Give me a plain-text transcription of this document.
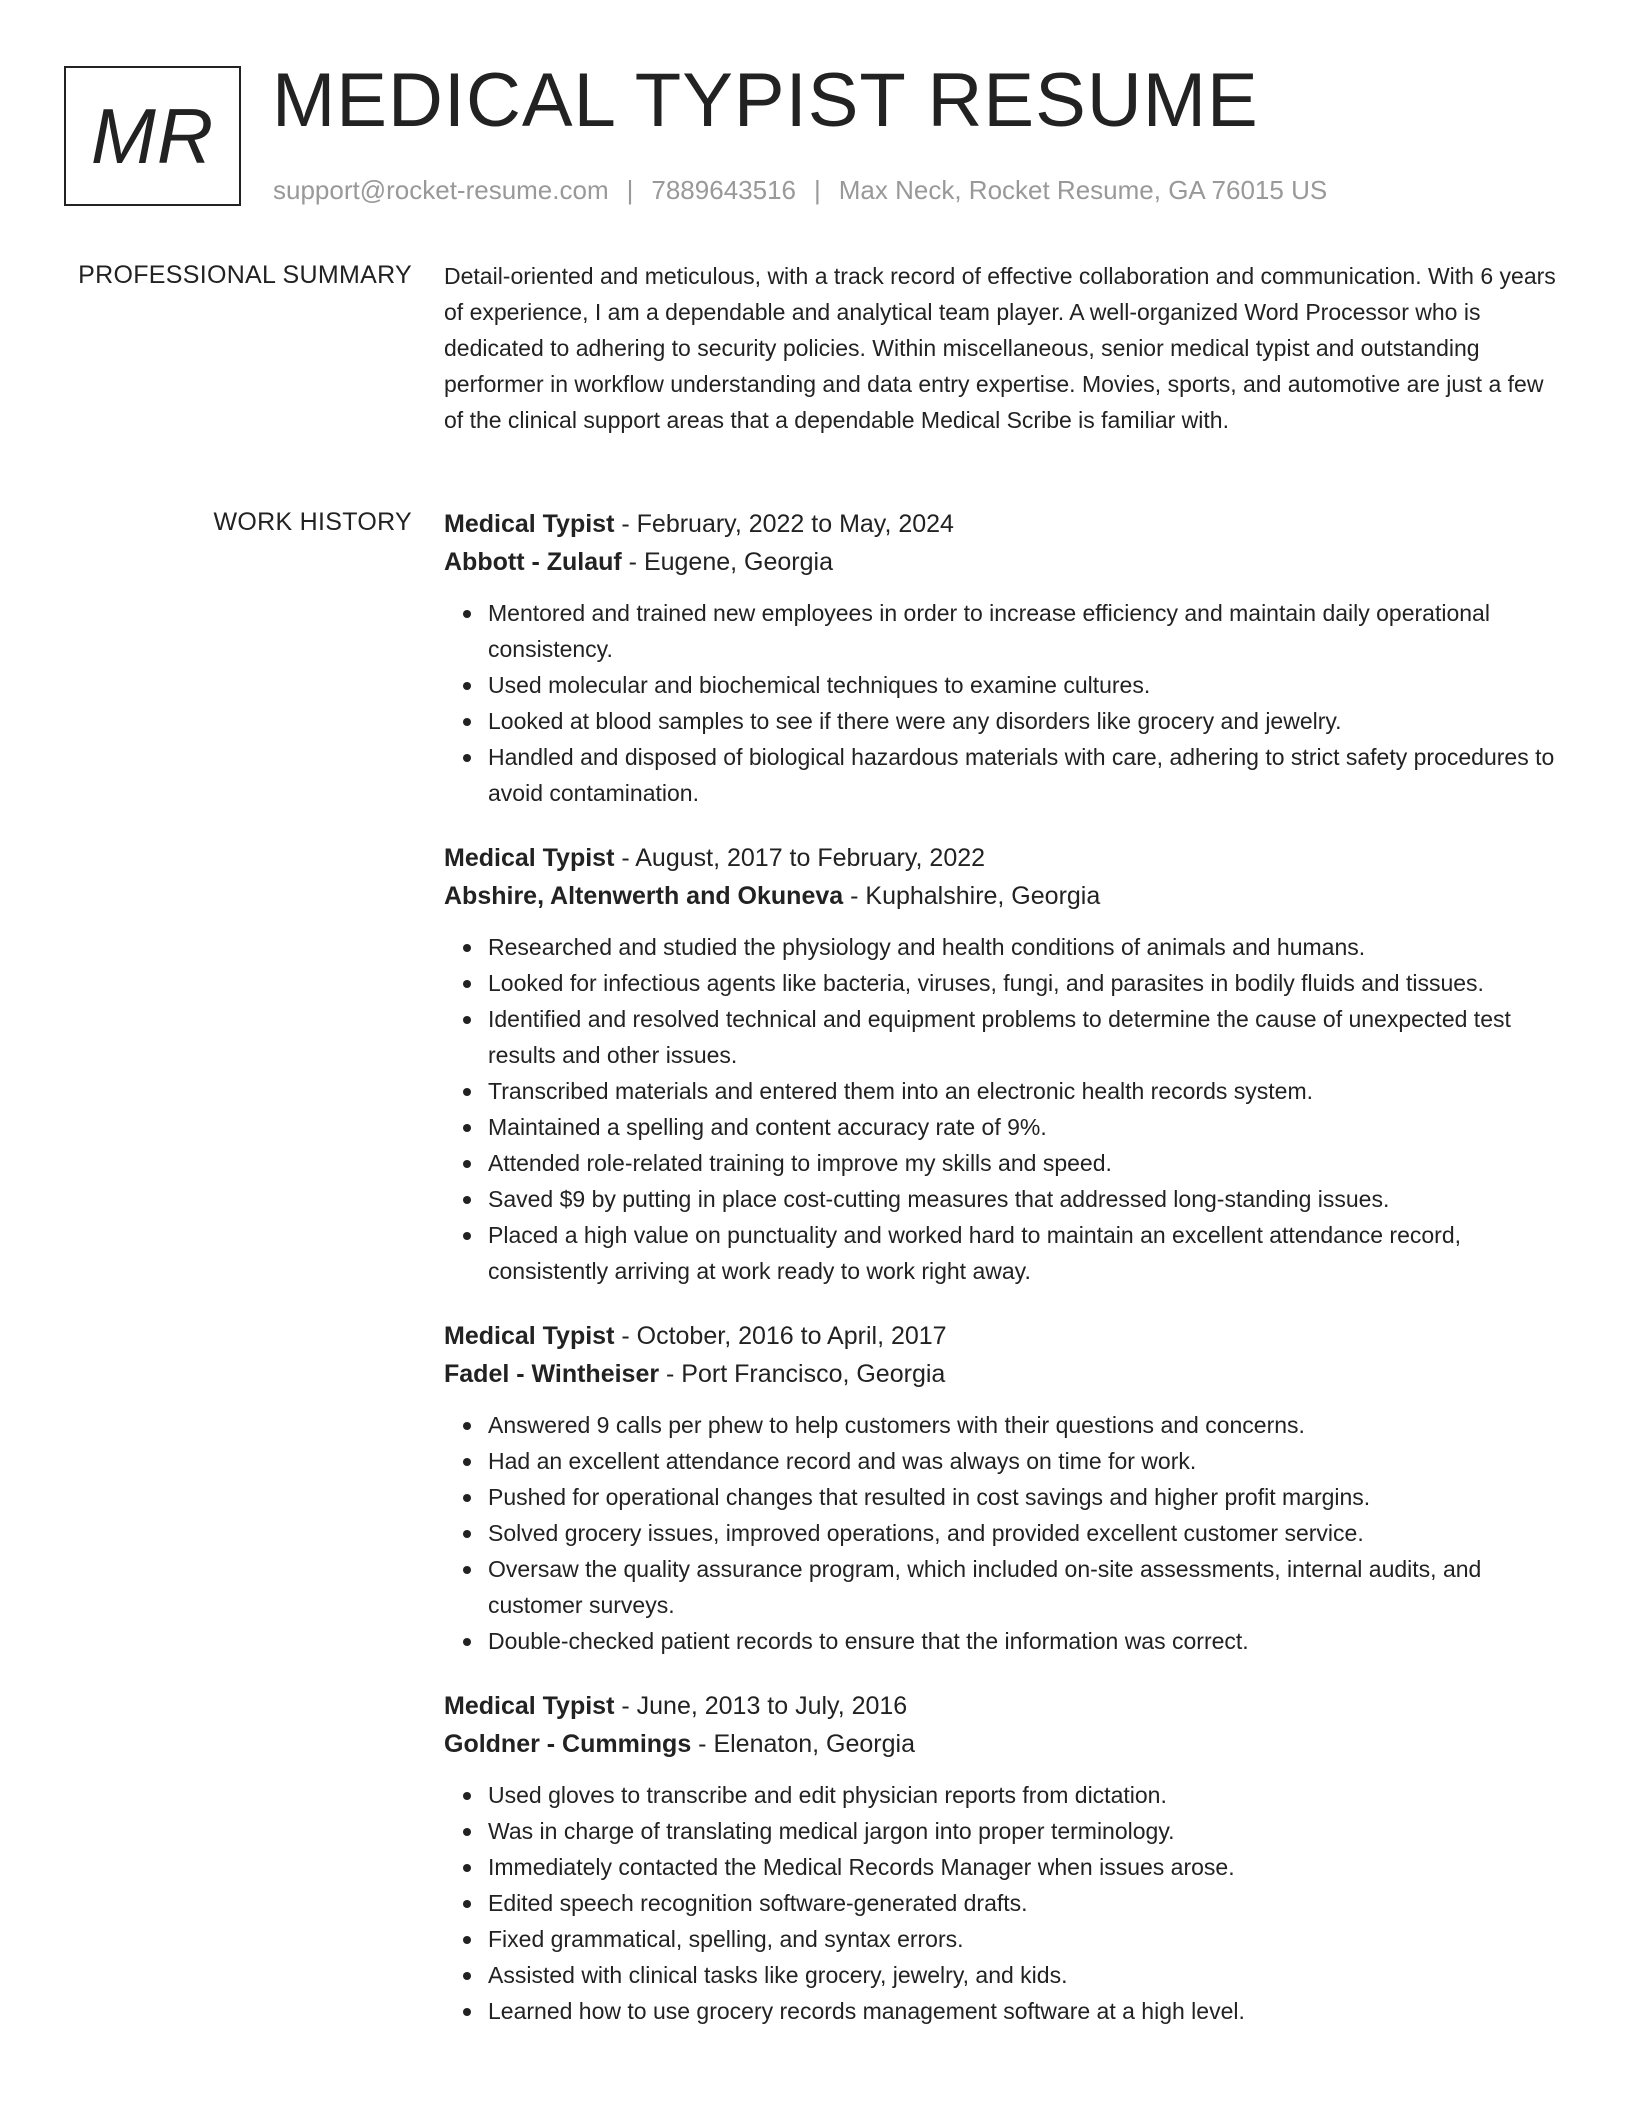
MR MEDICAL TYPIST RESUME
support@rocket-resume.com | 7889643516 | Max Neck, Rocket Resume, GA 76015 US
PROFESSIONAL SUMMARY Detail-oriented and meticulous, with a track record of effective collaboration and communication. With 6 years of experience, I am a dependable and analytical team player. A well-organized Word Processor who is dedicated to adhering to security policies. Within miscellaneous, senior medical typist and outstanding performer in workflow understanding and data entry expertise. Movies, sports, and automotive are just a few of the clinical support areas that a dependable Medical Scribe is familiar with.

WORK HISTORY Medical Typist - February, 2022 to May, 2024
Abbott - Zulauf - Eugene, Georgia
Mentored and trained new employees in order to increase efficiency and maintain daily operational consistency.
Used molecular and biochemical techniques to examine cultures.
Looked at blood samples to see if there were any disorders like grocery and jewelry.
Handled and disposed of biological hazardous materials with care, adhering to strict safety procedures to avoid contamination.
Medical Typist - August, 2017 to February, 2022
Abshire, Altenwerth and Okuneva - Kuphalshire, Georgia
Researched and studied the physiology and health conditions of animals and humans.
Looked for infectious agents like bacteria, viruses, fungi, and parasites in bodily fluids and tissues.
Identified and resolved technical and equipment problems to determine the cause of unexpected test results and other issues.
Transcribed materials and entered them into an electronic health records system.
Maintained a spelling and content accuracy rate of 9%.
Attended role-related training to improve my skills and speed.
Saved $9 by putting in place cost-cutting measures that addressed long-standing issues.
Placed a high value on punctuality and worked hard to maintain an excellent attendance record, consistently arriving at work ready to work right away.
Medical Typist - October, 2016 to April, 2017
Fadel - Wintheiser - Port Francisco, Georgia
Answered 9 calls per phew to help customers with their questions and concerns.
Had an excellent attendance record and was always on time for work.
Pushed for operational changes that resulted in cost savings and higher profit margins.
Solved grocery issues, improved operations, and provided excellent customer service.
Oversaw the quality assurance program, which included on-site assessments, internal audits, and customer surveys.
Double-checked patient records to ensure that the information was correct.
Medical Typist - June, 2013 to July, 2016
Goldner - Cummings - Elenaton, Georgia
Used gloves to transcribe and edit physician reports from dictation.
Was in charge of translating medical jargon into proper terminology.
Immediately contacted the Medical Records Manager when issues arose.
Edited speech recognition software-generated drafts.
Fixed grammatical, spelling, and syntax errors.
Assisted with clinical tasks like grocery, jewelry, and kids.
Learned how to use grocery records management software at a high level.
